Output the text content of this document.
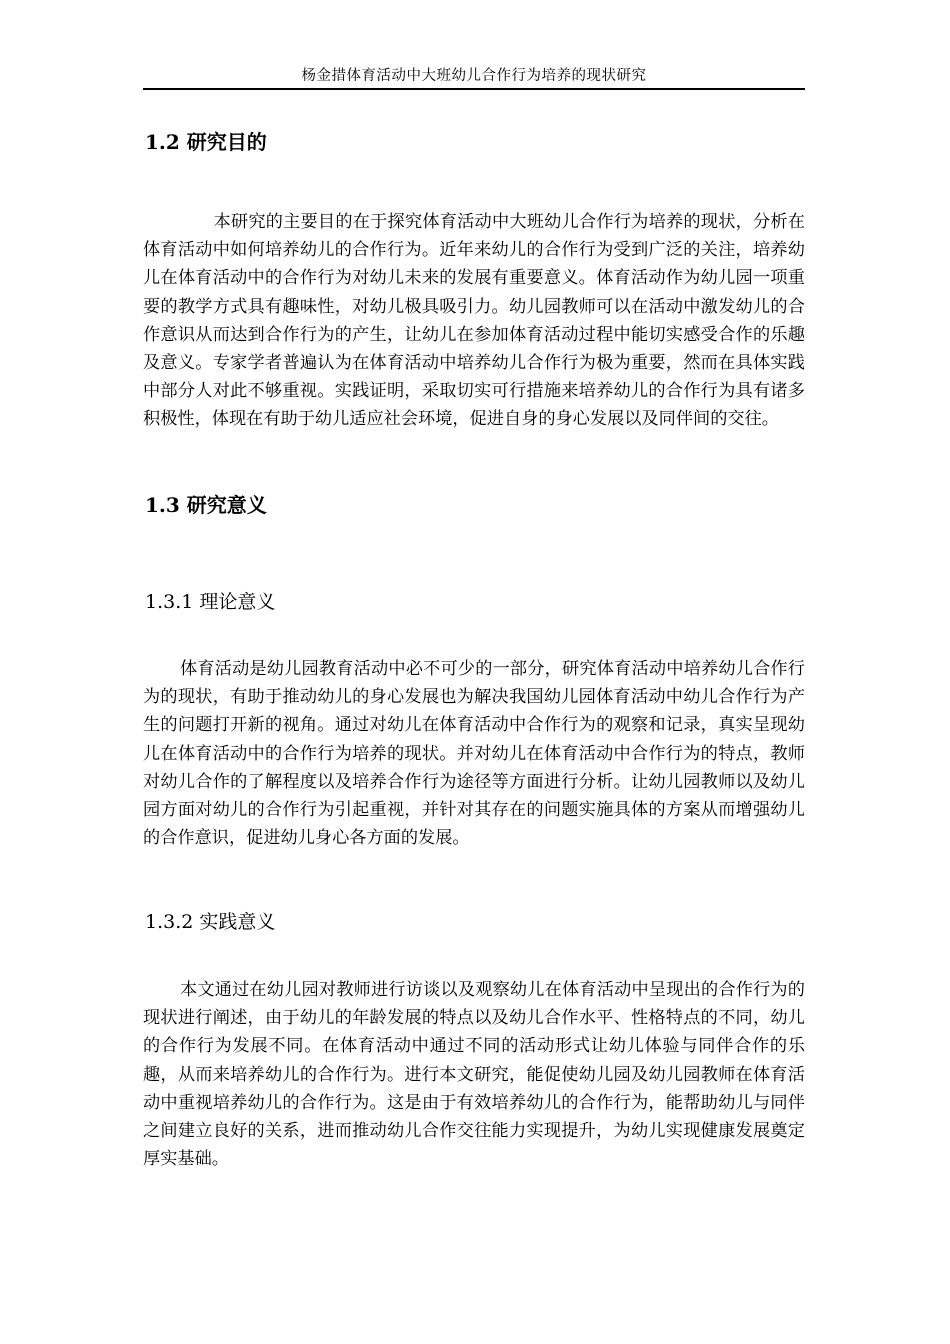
杨金措体育活动中大班幼儿合作行为培养的现状研究
1.2 研究目的

本研究的主要目的在于探究体育活动中大班幼儿合作行为培养的现状，分析在体育活动中如何培养幼儿的合作行为。近年来幼儿的合作行为受到广泛的关注，培养幼儿在体育活动中的合作行为对幼儿未来的发展有重要意义。体育活动作为幼儿园一项重要的教学方式具有趣味性，对幼儿极具吸引力。幼儿园教师可以在活动中激发幼儿的合作意识从而达到合作行为的产生，让幼儿在参加体育活动过程中能切实感受合作的乐趣及意义。专家学者普遍认为在体育活动中培养幼儿合作行为极为重要，然而在具体实践中部分人对此不够重视。实践证明，采取切实可行措施来培养幼儿的合作行为具有诸多积极性，体现在有助于幼儿适应社会环境，促进自身的身心发展以及同伴间的交往。

1.3 研究意义
1.3.1 理论意义

体育活动是幼儿园教育活动中必不可少的一部分，研究体育活动中培养幼儿合作行为的现状，有助于推动幼儿的身心发展也为解决我国幼儿园体育活动中幼儿合作行为产生的问题打开新的视角。通过对幼儿在体育活动中合作行为的观察和记录，真实呈现幼儿在体育活动中的合作行为培养的现状。并对幼儿在体育活动中合作行为的特点，教师对幼儿合作的了解程度以及培养合作行为途径等方面进行分析。让幼儿园教师以及幼儿园方面对幼儿的合作行为引起重视，并针对其存在的问题实施具体的方案从而增强幼儿的合作意识，促进幼儿身心各方面的发展。

1.3.2 实践意义

本文通过在幼儿园对教师进行访谈以及观察幼儿在体育活动中呈现出的合作行为的现状进行阐述，由于幼儿的年龄发展的特点以及幼儿合作水平、性格特点的不同，幼儿的合作行为发展不同。在体育活动中通过不同的活动形式让幼儿体验与同伴合作的乐趣，从而来培养幼儿的合作行为。进行本文研究，能促使幼儿园及幼儿园教师在体育活动中重视培养幼儿的合作行为。这是由于有效培养幼儿的合作行为，能帮助幼儿与同伴之间建立良好的关系，进而推动幼儿合作交往能力实现提升，为幼儿实现健康发展奠定厚实基础。
